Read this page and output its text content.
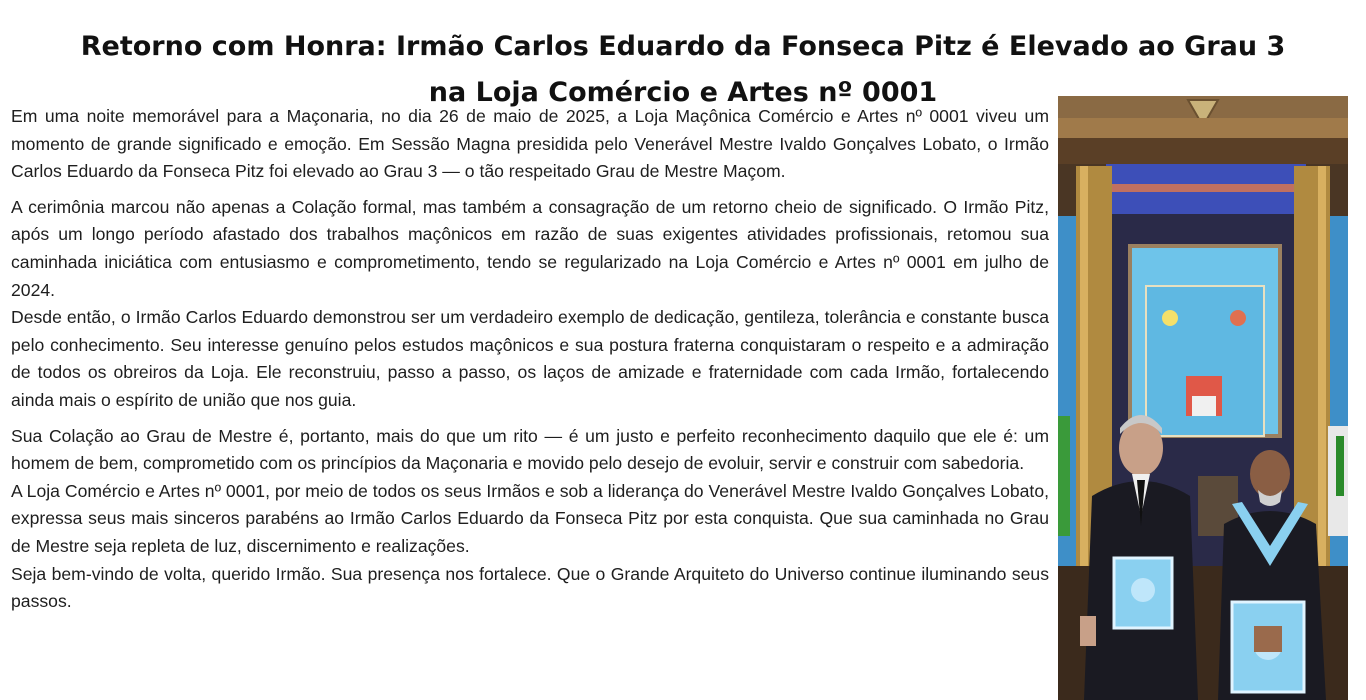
Retorno com Honra: Irmão Carlos Eduardo da Fonseca Pitz é Elevado ao Grau 3
na Loja Comércio e Artes nº 0001

Em uma noite memorável para a Maçonaria, no dia 26 de maio de 2025, a Loja Maçônica Comércio e Artes nº 0001 viveu um momento de grande significado e emoção. Em Sessão Magna presidida pelo Venerável Mestre Ivaldo Gonçalves Lobato, o Irmão Carlos Eduardo da Fonseca Pitz foi elevado ao Grau 3 — o tão respeitado Grau de Mestre Maçom.

A cerimônia marcou não apenas a Colação formal, mas também a consagração de um retorno cheio de significado. O Irmão Pitz, após um longo período afastado dos trabalhos maçônicos em razão de suas exigentes atividades profissionais, retomou sua caminhada iniciática com entusiasmo e comprometimento, tendo se regularizado na Loja Comércio e Artes nº 0001 em julho de 2024.

Desde então, o Irmão Carlos Eduardo demonstrou ser um verdadeiro exemplo de dedicação, gentileza, tolerância e constante busca pelo conhecimento. Seu interesse genuíno pelos estudos maçônicos e sua postura fraterna conquistaram o respeito e a admiração de todos os obreiros da Loja. Ele reconstruiu, passo a passo, os laços de amizade e fraternidade com cada Irmão, fortalecendo ainda mais o espírito de união que nos guia.

Sua Colação ao Grau de Mestre é, portanto, mais do que um rito — é um justo e perfeito reconhecimento daquilo que ele é: um homem de bem, comprometido com os princípios da Maçonaria e movido pelo desejo de evoluir, servir e construir com sabedoria.

A Loja Comércio e Artes nº 0001, por meio de todos os seus Irmãos e sob a liderança do Venerável Mestre Ivaldo Gonçalves Lobato, expressa seus mais sinceros parabéns ao Irmão Carlos Eduardo da Fonseca Pitz por esta conquista. Que sua caminhada no Grau de Mestre seja repleta de luz, discernimento e realizações.

Seja bem-vindo de volta, querido Irmão. Sua presença nos fortalece. Que o Grande Arquiteto do Universo continue iluminando seus passos.
